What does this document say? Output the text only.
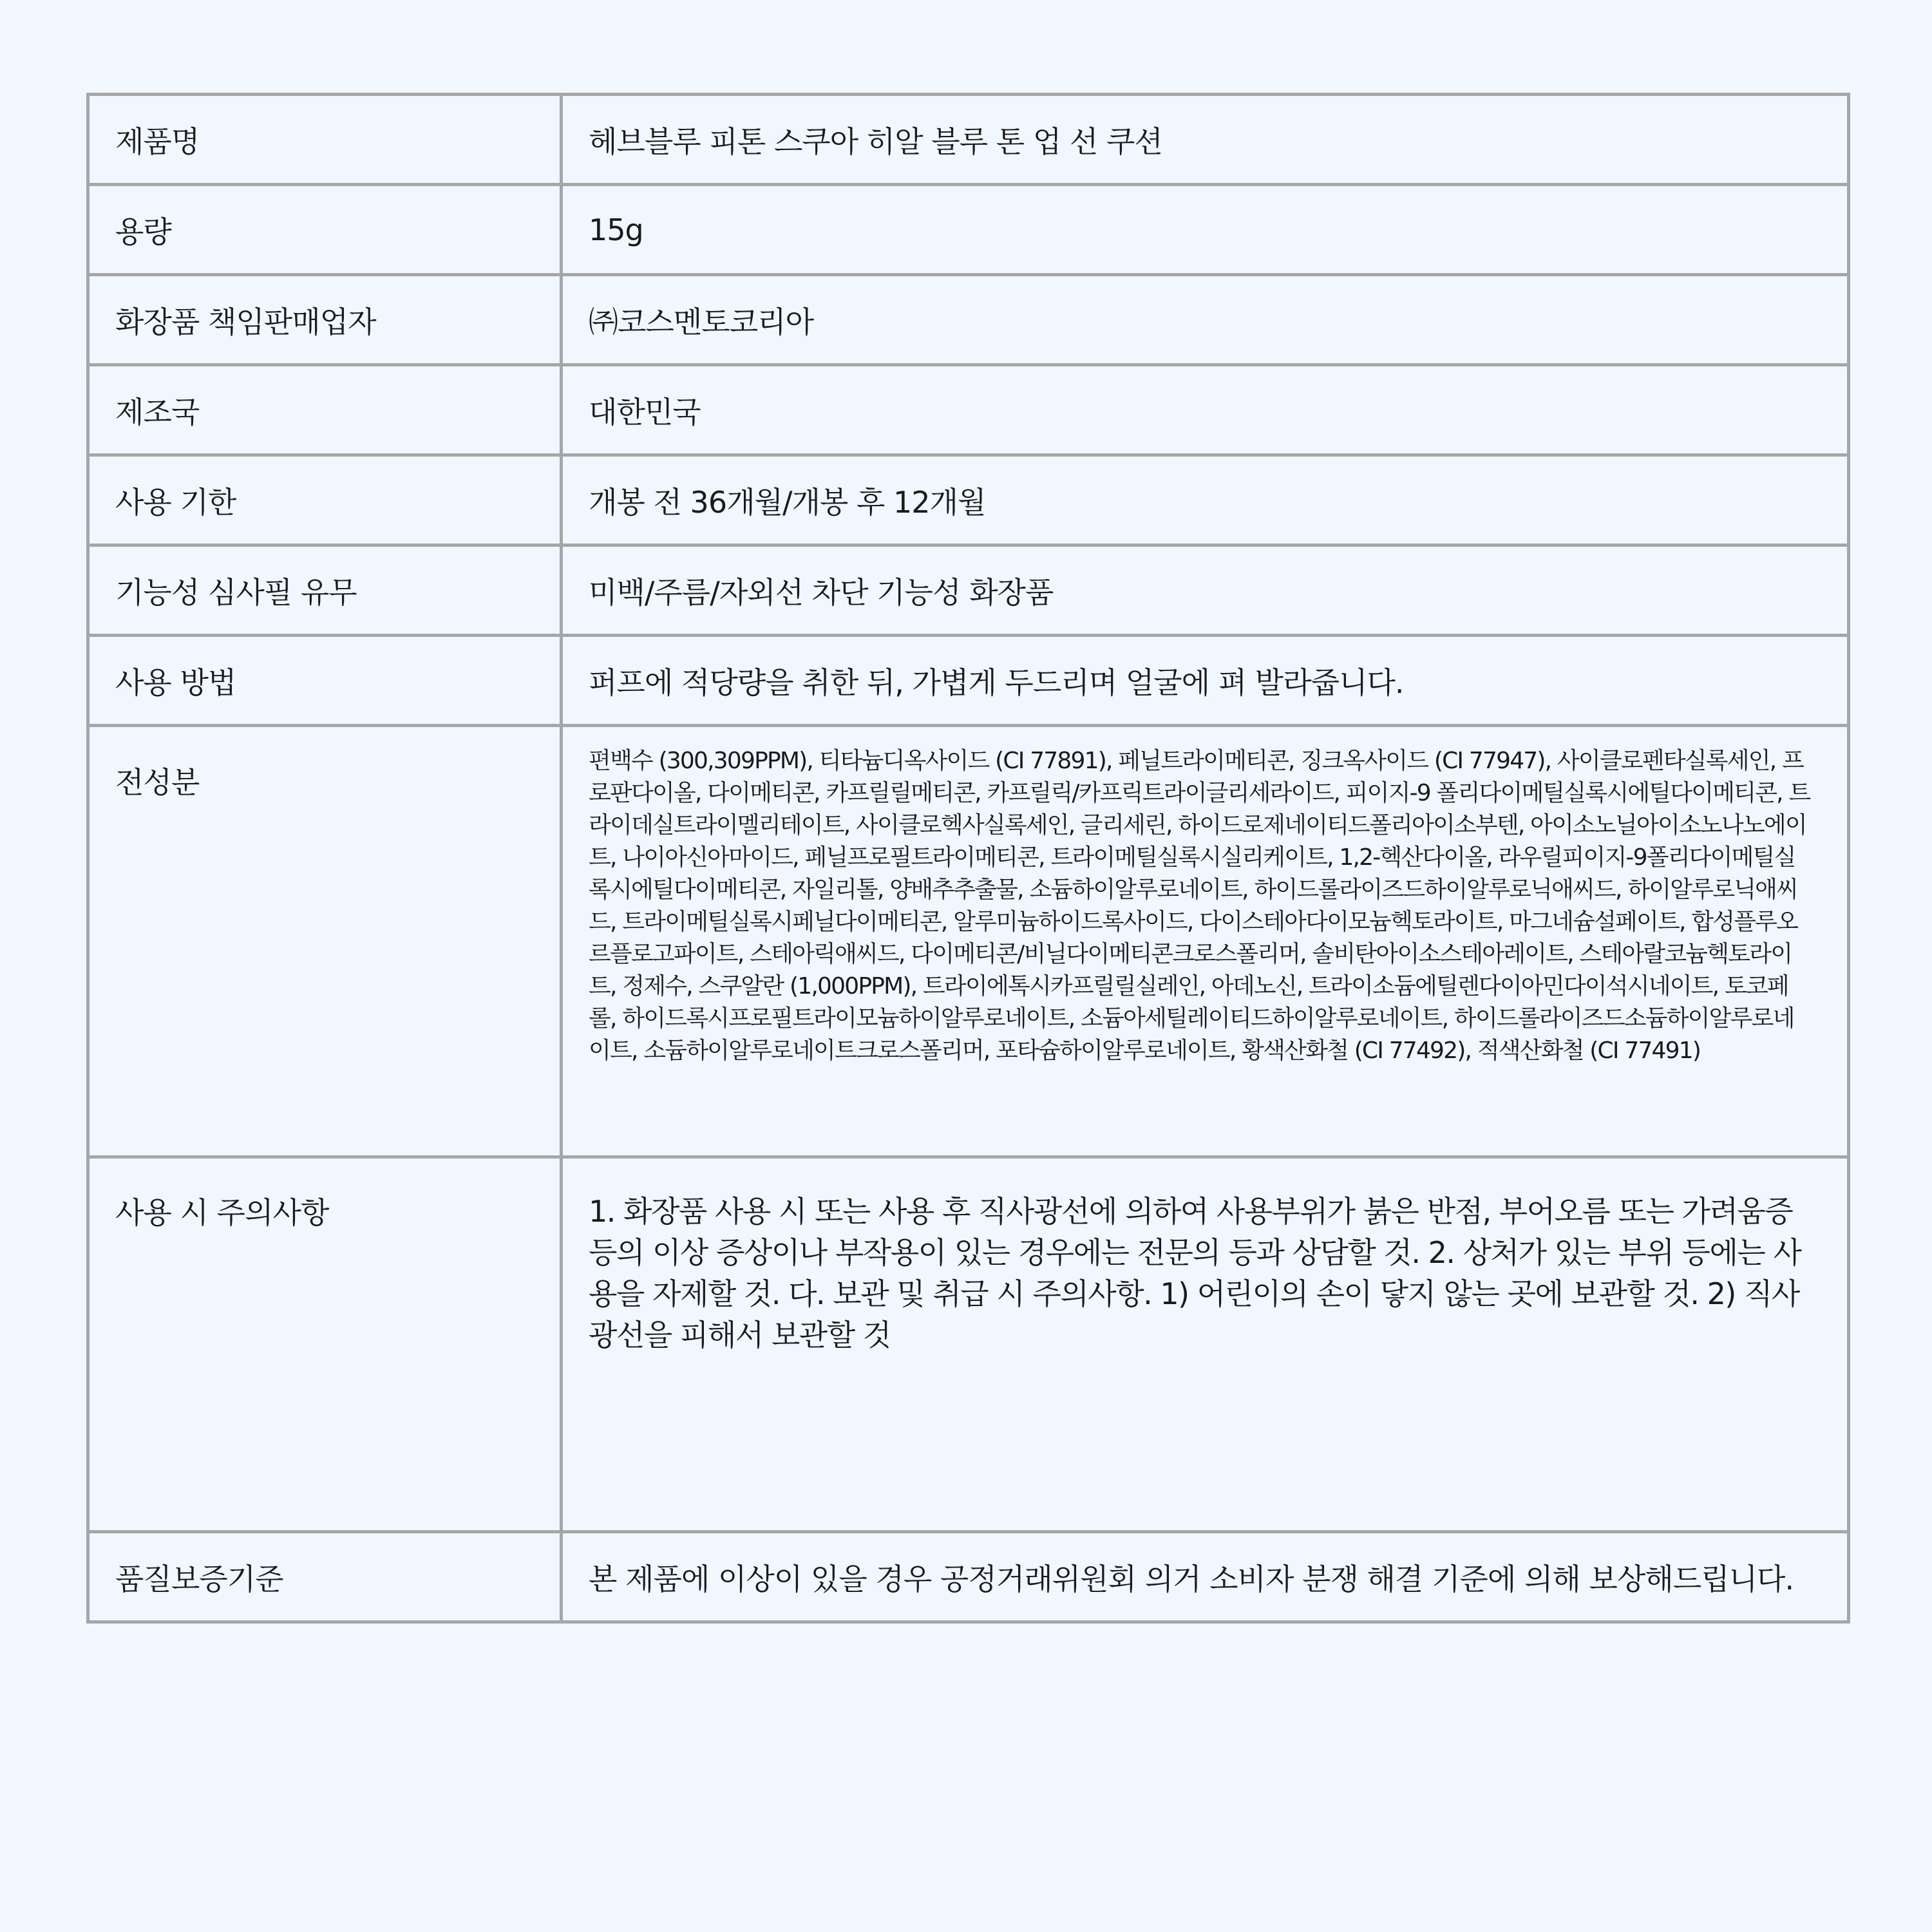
제품명	헤브블루 피톤 스쿠아 히알 블루 톤 업 선 쿠션
용량	15g
화장품 책임판매업자	㈜코스멘토코리아
제조국	대한민국
사용 기한	개봉 전 36개월/개봉 후 12개월
기능성 심사필 유무	미백/주름/자외선 차단 기능성 화장품
사용 방법	퍼프에 적당량을 취한 뒤, 가볍게 두드리며 얼굴에 펴 발라줍니다.
전성분	편백수 (300,309PPM), 티타늄디옥사이드 (CI 77891), 페닐트라이메티콘, 징크옥사이드 (CI 77947), 사이클로펜타실록세인, 프로판다이올, 다이메티콘, 카프릴릴메티콘, 카프릴릭/카프릭트라이글리세라이드, 피이지-9 폴리다이메틸실록시에틸다이메티콘, 트라이데실트라이멜리테이트, 사이클로헥사실록세인, 글리세린, 하이드로제네이티드폴리아이소부텐, 아이소노닐아이소노나노에이트, 나이아신아마이드, 페닐프로필트라이메티콘, 트라이메틸실록시실리케이트, 1,2-헥산다이올, 라우릴피이지-9폴리다이메틸실록시에틸다이메티콘, 자일리톨, 양배추추출물, 소듐하이알루로네이트, 하이드롤라이즈드하이알루로닉애씨드, 하이알루로닉애씨드, 트라이메틸실록시페닐다이메티콘, 알루미늄하이드록사이드, 다이스테아다이모늄헥토라이트, 마그네슘설페이트, 합성플루오르플로고파이트, 스테아릭애씨드, 다이메티콘/비닐다이메티콘크로스폴리머, 솔비탄아이소스테아레이트, 스테아랄코늄헥토라이트, 정제수, 스쿠알란 (1,000PPM), 트라이에톡시카프릴릴실레인, 아데노신, 트라이소듐에틸렌다이아민다이석시네이트, 토코페롤, 하이드록시프로필트라이모늄하이알루로네이트, 소듐아세틸레이티드하이알루로네이트, 하이드롤라이즈드소듐하이알루로네이트, 소듐하이알루로네이트크로스폴리머, 포타슘하이알루로네이트, 황색산화철 (CI 77492), 적색산화철 (CI 77491)

사용 시 주의사항	1. 화장품 사용 시 또는 사용 후 직사광선에 의하여 사용부위가 붉은 반점, 부어오름 또는 가려움증 등의 이상 증상이나 부작용이 있는 경우에는 전문의 등과 상담할 것. 2. 상처가 있는 부위 등에는 사용을 자제할 것. 다. 보관 및 취급 시 주의사항. 1) 어린이의 손이 닿지 않는 곳에 보관할 것. 2) 직사광선을 피해서 보관할 것

품질보증기준	본 제품에 이상이 있을 경우 공정거래위원회 의거 소비자 분쟁 해결 기준에 의해 보상해드립니다.
